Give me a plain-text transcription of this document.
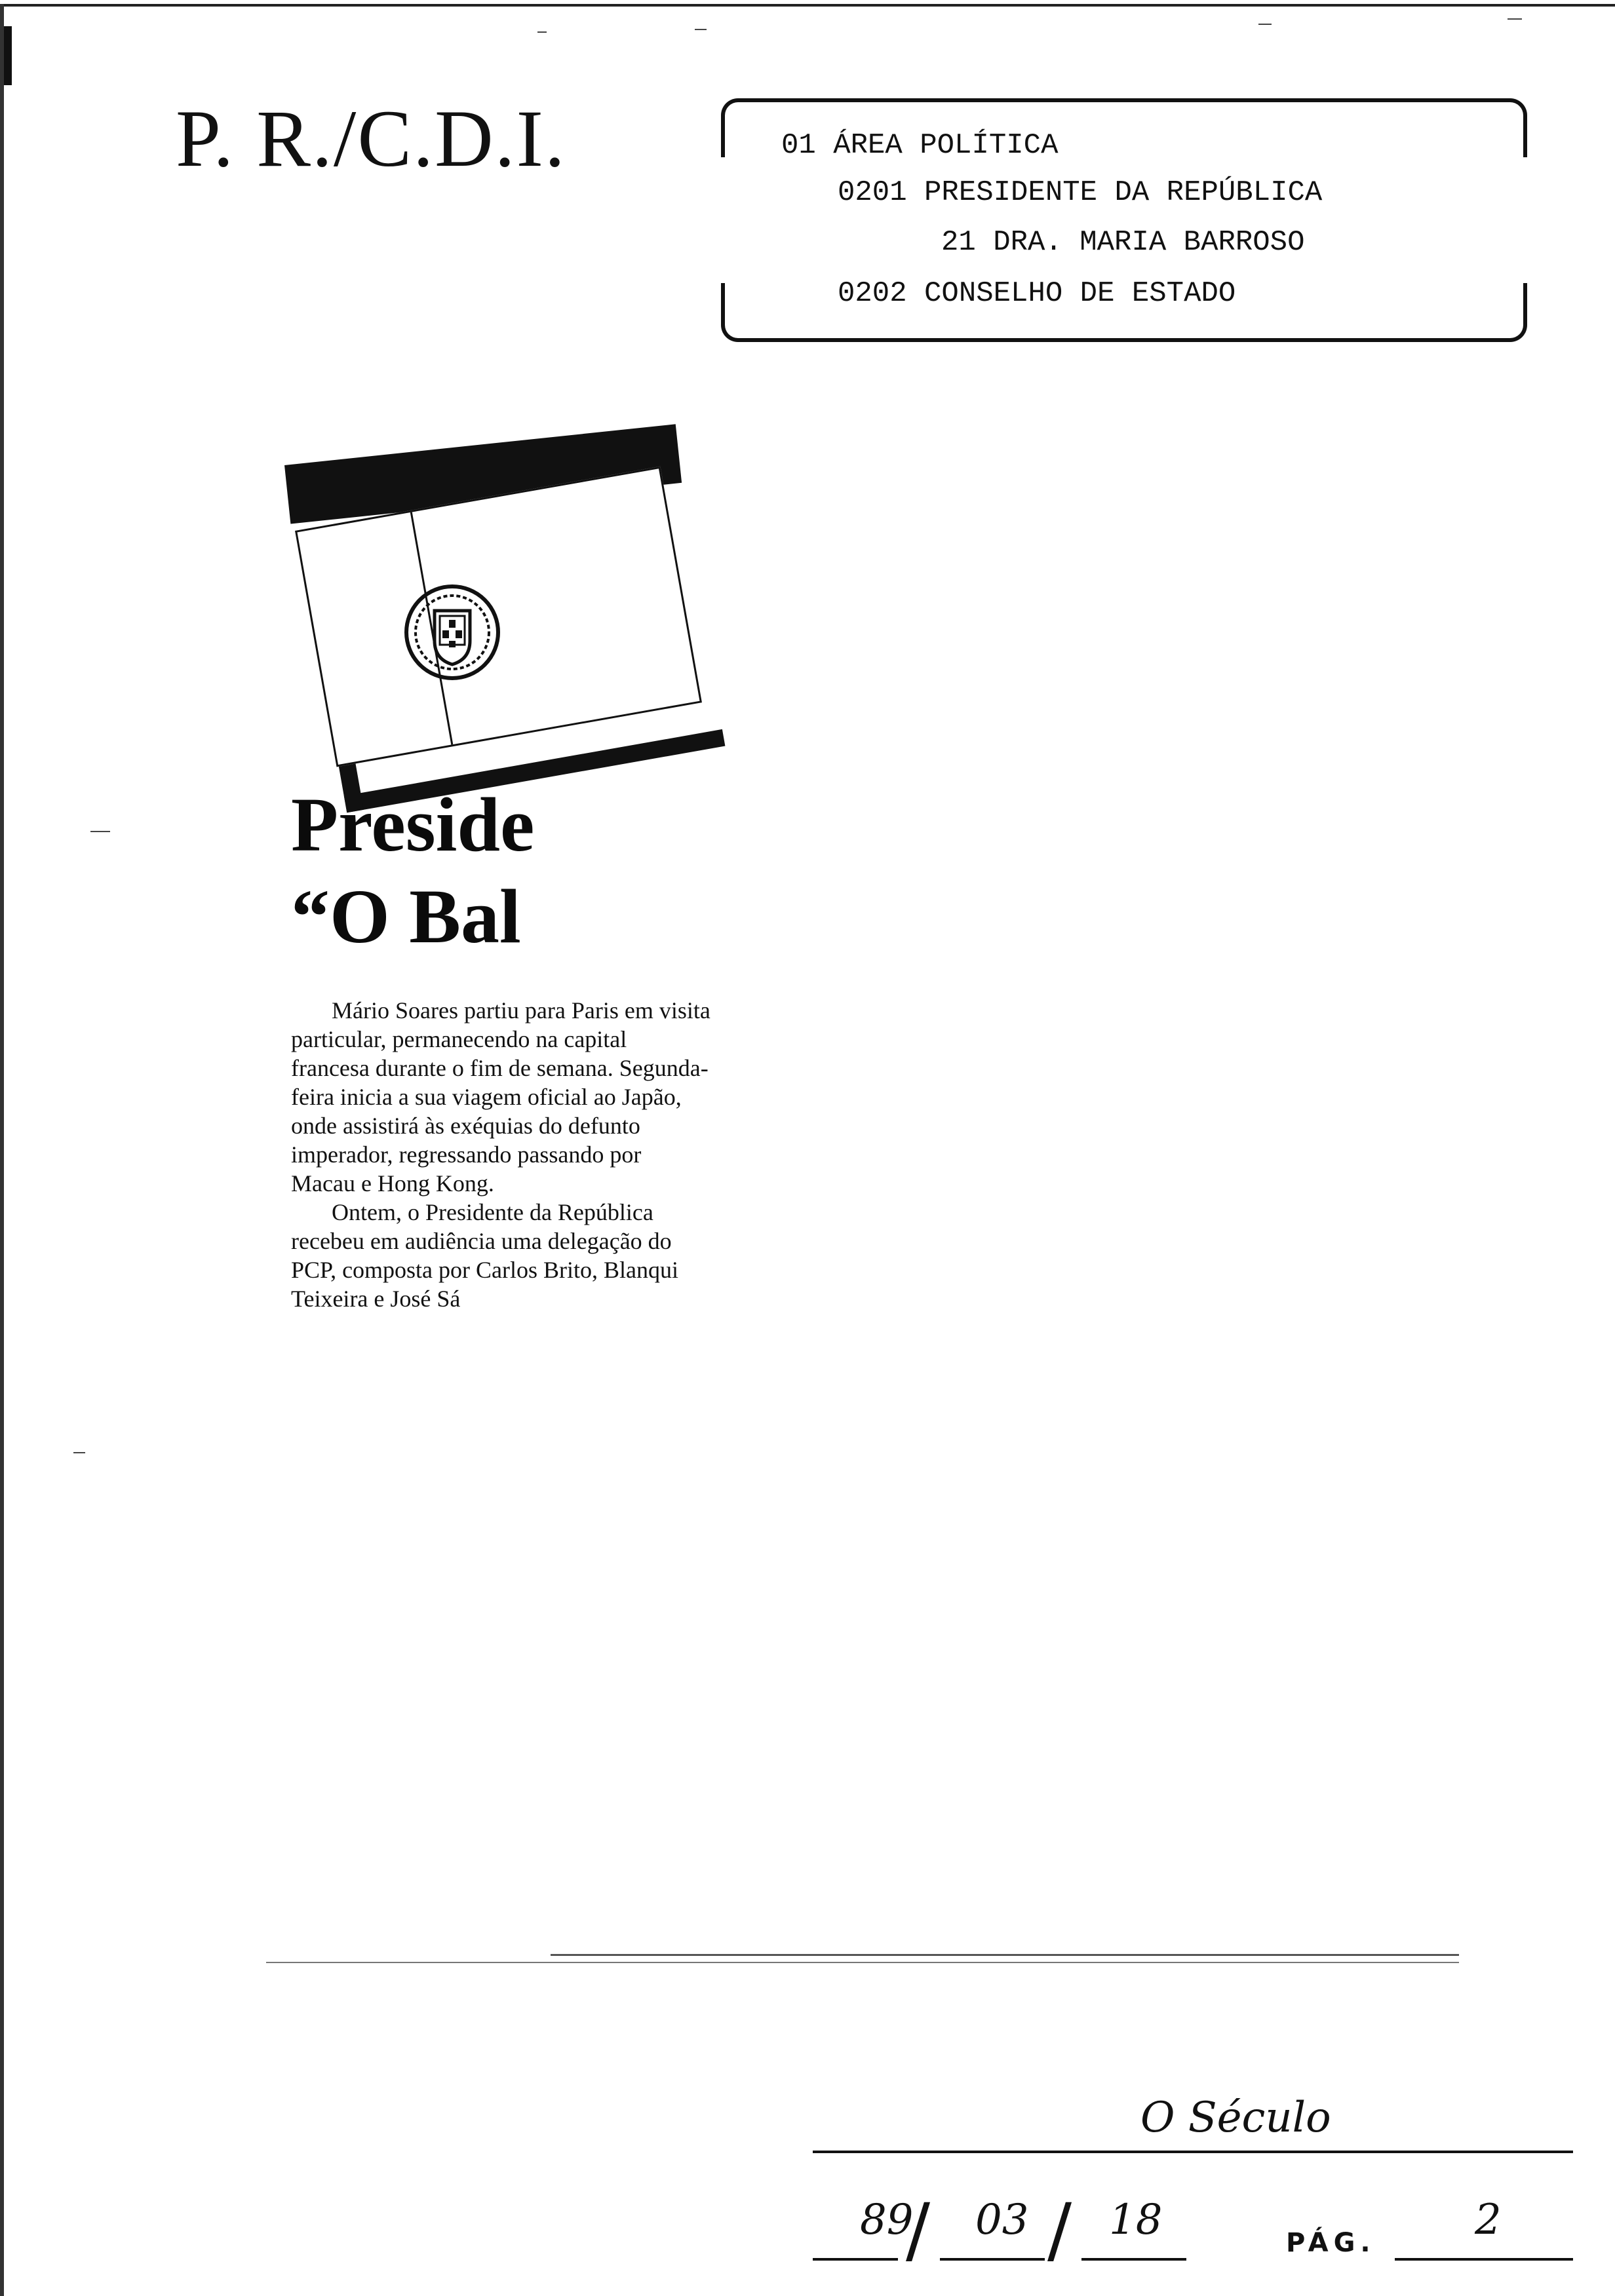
P. R./C.D.I.	01 ÁREA POLÍTICA
0201 PRESIDENTE DA REPÚBLICA
21 DRA. MARIA BARROSO
0202 CONSELHO DE ESTADO
Preside
“O Bal

Mário Soares partiu para Paris em visita particular, permanecendo na capital francesa durante o fim de semana. Segunda-feira inicia a sua viagem oficial ao Japão, onde assistirá às exéquias do defunto imperador, regressando passando por Macau e Hong Kong.

Ontem, o Presidente da República recebeu em audiência uma delegação do PCP, composta por Carlos Brito, Blanqui Teixeira e José Sá

O Século
89
/ 03 / 18	PÁG. 2
